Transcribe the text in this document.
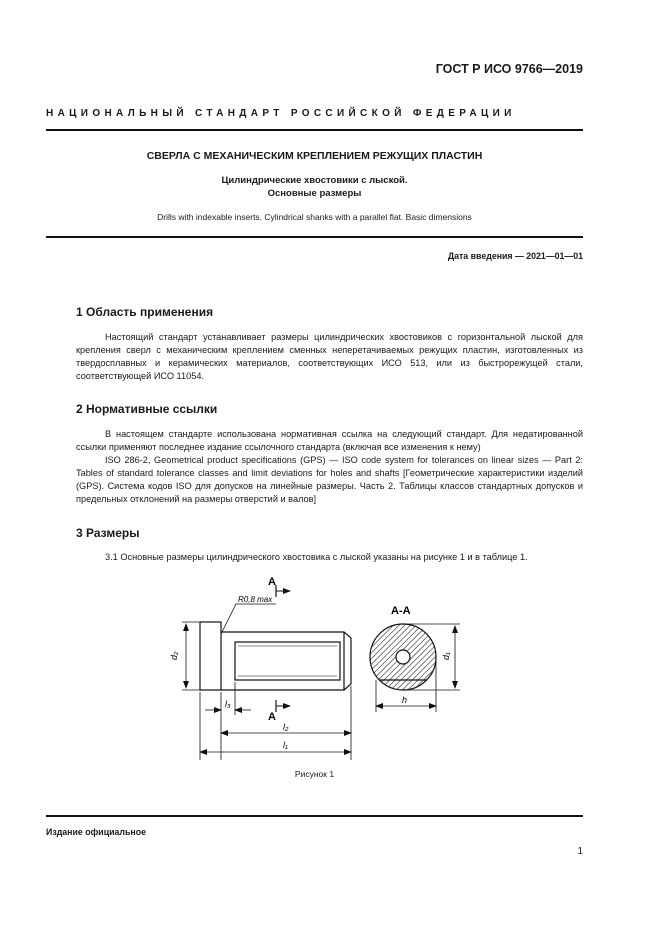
ГОСТ Р ИСО 9766—2019
НАЦИОНАЛЬНЫЙ СТАНДАРТ РОССИЙСКОЙ ФЕДЕРАЦИИ
СВЕРЛА С МЕХАНИЧЕСКИМ КРЕПЛЕНИЕМ РЕЖУЩИХ ПЛАСТИН
Цилиндрические хвостовики с лыской.
Основные размеры
Drills with indexable inserts. Cylindrical shanks with a parallel flat. Basic dimensions
Дата введения — 2021—01—01
1 Область применения

Настоящий стандарт устанавливает размеры цилиндрических хвостовиков с горизонтальной лыской для крепления сверл с механическим креплением сменных неперетачиваемых режущих пластин, изготовленных из твердосплавных и керамических материалов, соответствующих ИСО 513, или из быстрорежущей стали, соответствующей ИСО 11054.

2 Нормативные ссылки

В настоящем стандарте использована нормативная ссылка на следующий стандарт. Для недатированной ссылки применяют последнее издание ссылочного стандарта (включая все изменения к нему)

ISO 286-2, Geometrical product specifications (GPS) — ISO code system for tolerances on linear sizes — Part 2: Tables of standard tolerance classes and limit deviations for holes and shafts [Геометрические характеристики изделий (GPS). Система кодов ISO для допусков на линейные размеры. Часть 2. Таблицы классов стандартных допусков и предельных отклонений на размеры отверстий и валов]

3 Размеры

3.1 Основные размеры цилиндрического хвостовика с лыской указаны на рисунке 1 и в таблице 1.

R0,8 max
A
A
d₂
l₃
l₂
l₁
A-A
d₁
h
Рисунок 1
Издание официальное
1
